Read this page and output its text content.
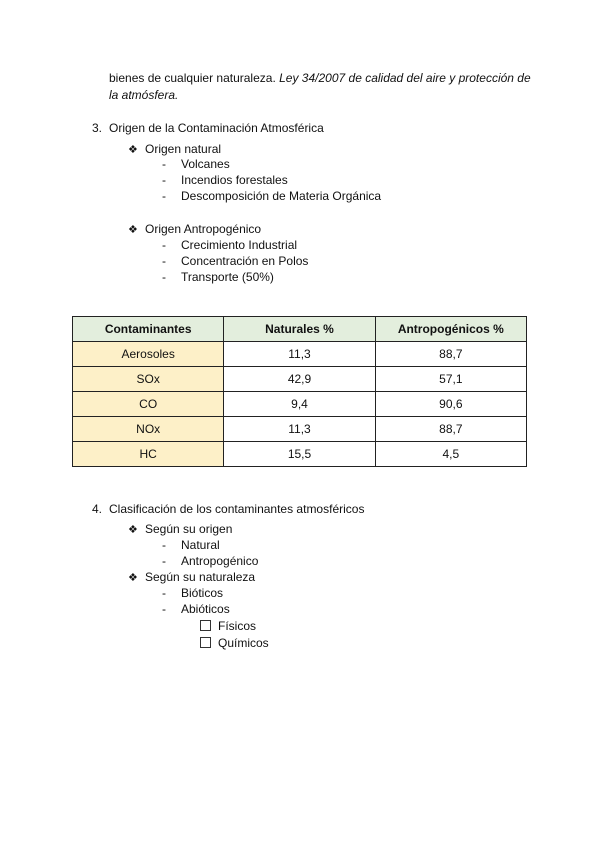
bienes de cualquier naturaleza. Ley 34/2007 de calidad del aire y protección de la atmósfera.
3. Origen de la Contaminación Atmosférica
❖ Origen natural
- Volcanes
- Incendios forestales
- Descomposición de Materia Orgánica
❖ Origen Antropogénico
- Crecimiento Industrial
- Concentración en Polos
- Transporte (50%)
Contaminantes	Naturales %	Antropogénicos %
Aerosoles	11,3	88,7
SOx	42,9	57,1
CO	9,4	90,6
NOx	11,3	88,7
HC	15,5	4,5
4. Clasificación de los contaminantes atmosféricos
❖ Según su origen
- Natural
- Antropogénico
❖ Según su naturaleza
- Bióticos
- Abióticos
Físicos
Químicos
